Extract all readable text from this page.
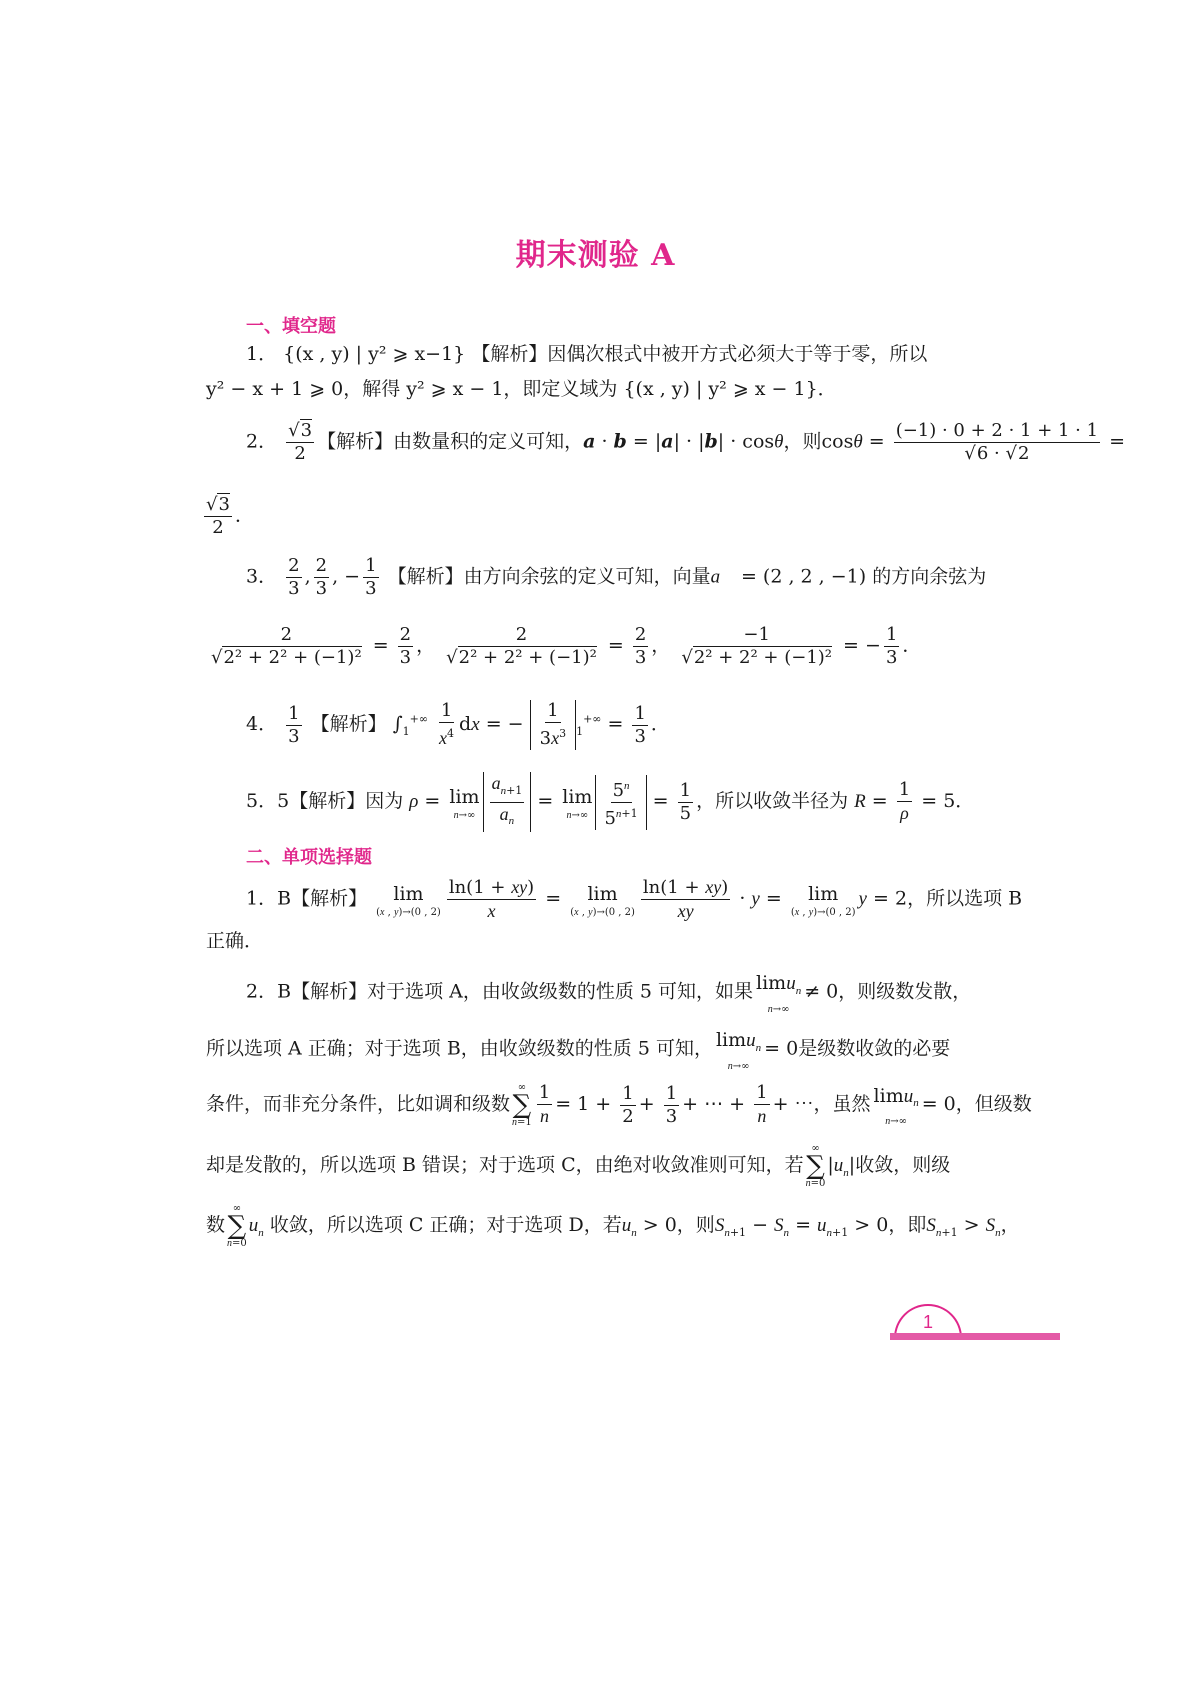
期末测验 A
一、填空题
1． {(x , y) | y² ⩾ x−1} 【解析】因偶次根式中被开方式必须大于等于零，所以
y² − x + 1 ⩾ 0，解得 y² ⩾ x − 1，即定义域为 {(x , y) | y² ⩾ x − 1}．
2． $\frac{√3}{2}$ 【解析】由数量积的定义可知，a · b = |a| · |b| · cosθ，则$\cos\theta = \frac{(-1) \cdot 0 + 2 \cdot 1 + 1 \cdot 1}{√6 \cdot √2}$ =
$\frac{√3}{2}$ ．
3． $\frac{2}{3}$ , $\frac{2}{3}$ , − $\frac{1}{3}$ 【解析】由方向余弦的定义可知，向量a⃗ = (2 , 2 , −1) 的方向余弦为
$\frac{2}{\text{√2² + 2² + (−1)²}} = \frac{2}{3}$ ， $\frac{2}{\text{√2² + 2² + (−1)²}} = \frac{2}{3}$ ， $\frac{-1}{\text{√2² + 2² + (−1)²}}$ = − $\frac{1}{3}$ ．
4． $\frac{1}{3}$ 【解析】 $\int_1^{+\infty} \frac{1}{x^4}$ dx = − $\frac{1}{3x^3} _1^{+\infty} = \frac{1}{3}$ ．
5．5【解析】因为 ρ = lim
$n\to\infty \frac{a_{n+1}}{a_n} = \lim$
$n\to\infty \frac{5^n}{5^{n+1}} = \frac{1}{5}$ ，所以收敛半径为 $R = \frac{1}{\rho} = 5$．
二、单项选择题
1．B【解析】 lim
(x , y)→(0 , $2) \frac{\ln(1 + xy)}{x} = \lim$
(x , y)→(0 , $2) \frac{\ln(1 + xy)}{xy} \cdot y = \lim$
(x , y)→(0 , 2)
y = 2，所以选项 B
正确．
2．B【解析】对于选项 A，由收敛级数的性质 5 可知，如果 limu$_n$
n→∞
≠ 0，则级数发散，
所以选项 A 正确；对于选项 B，由收敛级数的性质 5 可知， limu$_n$
n→∞
= 0是级数收敛的必要
条件，而非充分条件，比如调和级数
∞
∑
$n=1 \frac{1}{n} = 1 + \frac{1}{2} + \frac{1}{3}$ + ⋯ + $\frac{1}{n}$ + ⋯，虽然 limu$_n$
n→∞
= 0，但级数
却是发散的，所以选项 B 错误；对于选项 C，由绝对收敛准则可知，若
∞
∑
n=0
$|u_n|$收敛，则级
数
∞
∑
n=0
$u_n$ 收敛，所以选项 C 正确；对于选项 D，若$u_n > 0$，则$S_{n+1} - S_n = u_{n+1} > 0$，即$S_{n+1} > S_n$，
1
